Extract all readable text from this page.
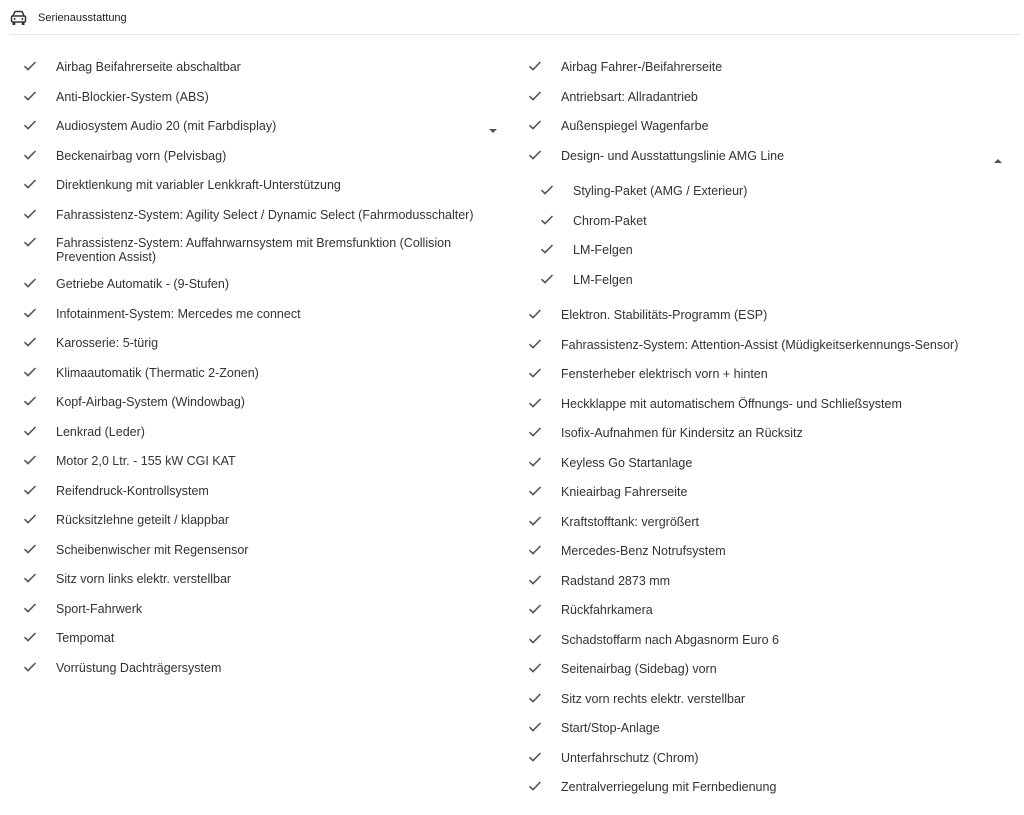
Serienausstattung
Airbag Beifahrerseite abschaltbar
Anti-Blockier-System (ABS)
Audiosystem Audio 20 (mit Farbdisplay)
Beckenairbag vorn (Pelvisbag)
Direktlenkung mit variabler Lenkkraft-Unterstützung
Fahrassistenz-System: Agility Select / Dynamic Select (Fahrmodusschalter)
Fahrassistenz-System: Auffahrwarnsystem mit Bremsfunktion (Collision Prevention Assist)
Getriebe Automatik - (9-Stufen)
Infotainment-System: Mercedes me connect
Karosserie: 5-türig
Klimaautomatik (Thermatic 2-Zonen)
Kopf-Airbag-System (Windowbag)
Lenkrad (Leder)
Motor 2,0 Ltr. - 155 kW CGI KAT
Reifendruck-Kontrollsystem
Rücksitzlehne geteilt / klappbar
Scheibenwischer mit Regensensor
Sitz vorn links elektr. verstellbar
Sport-Fahrwerk
Tempomat
Vorrüstung Dachträgersystem
Airbag Fahrer-/Beifahrerseite
Antriebsart: Allradantrieb
Außenspiegel Wagenfarbe
Design- und Ausstattungslinie AMG Line
Styling-Paket (AMG / Exterieur)
Chrom-Paket
LM-Felgen
LM-Felgen
Elektron. Stabilitäts-Programm (ESP)
Fahrassistenz-System: Attention-Assist (Müdigkeitserkennungs-Sensor)
Fensterheber elektrisch vorn + hinten
Heckklappe mit automatischem Öffnungs- und Schließsystem
Isofix-Aufnahmen für Kindersitz an Rücksitz
Keyless Go Startanlage
Knieairbag Fahrerseite
Kraftstofftank: vergrößert
Mercedes-Benz Notrufsystem
Radstand 2873 mm
Rückfahrkamera
Schadstoffarm nach Abgasnorm Euro 6
Seitenairbag (Sidebag) vorn
Sitz vorn rechts elektr. verstellbar
Start/Stop-Anlage
Unterfahrschutz (Chrom)
Zentralverriegelung mit Fernbedienung
